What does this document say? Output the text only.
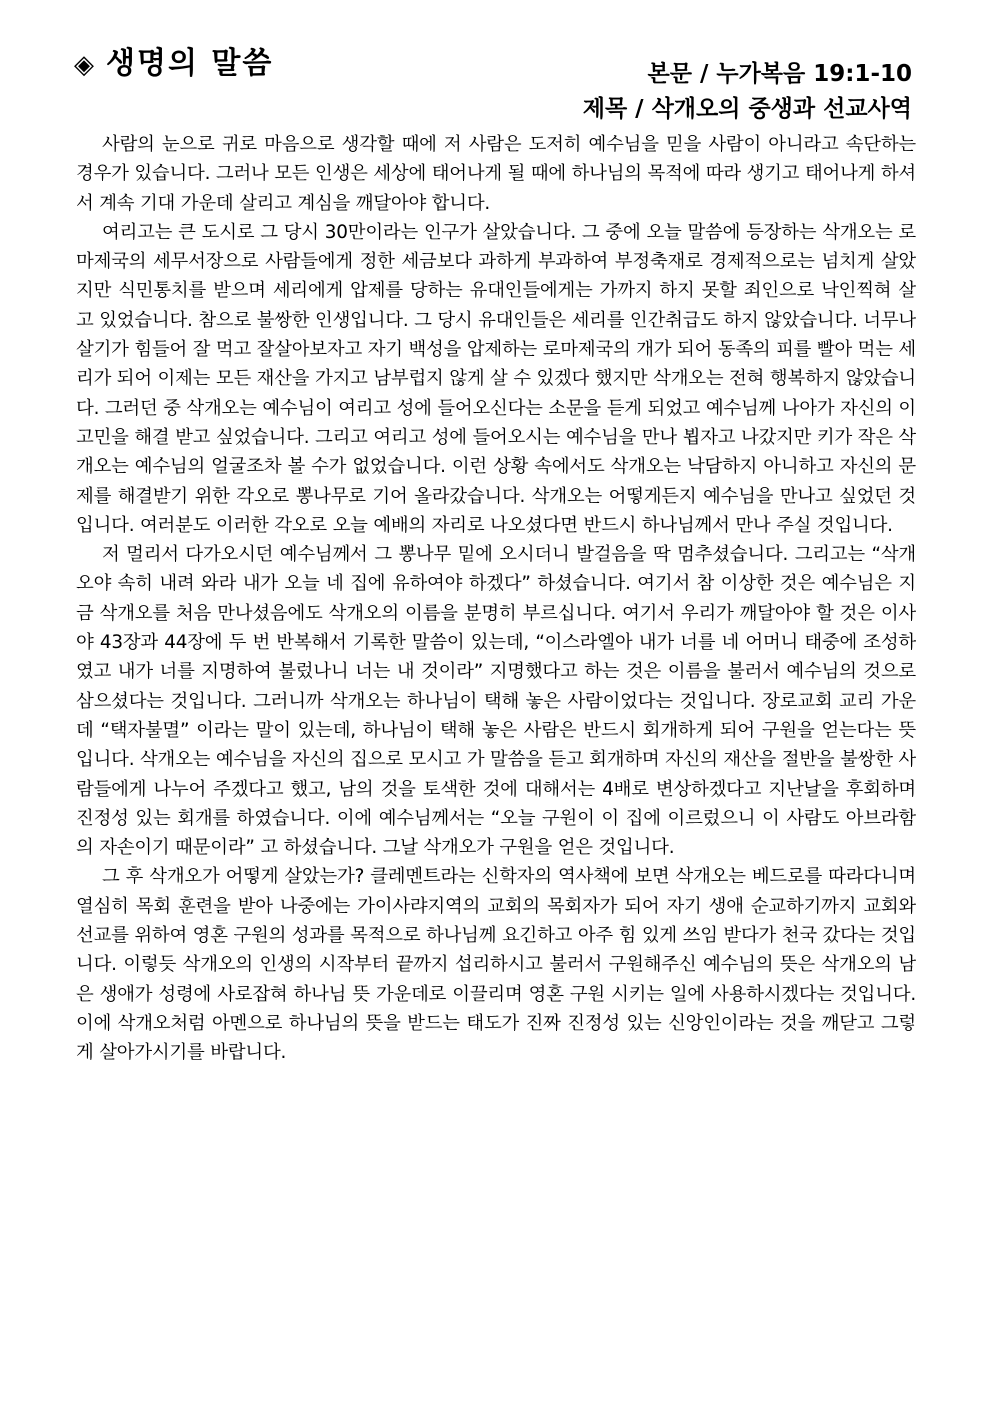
◈ 생명의 말씀	본문 / 누가복음 19:1-10
제목 / 삭개오의 중생과 선교사역

사람의 눈으로 귀로 마음으로 생각할 때에 저 사람은 도저히 예수님을 믿을 사람이 아니라고 속단하는 경우가 있습니다. 그러나 모든 인생은 세상에 태어나게 될 때에 하나님의 목적에 따라 생기고 태어나게 하셔서 계속 기대 가운데 살리고 계심을 깨달아야 합니다.

여리고는 큰 도시로 그 당시 30만이라는 인구가 살았습니다. 그 중에 오늘 말씀에 등장하는 삭개오는 로마제국의 세무서장으로 사람들에게 정한 세금보다 과하게 부과하여 부정축재로 경제적으로는 넘치게 살았지만 식민통치를 받으며 세리에게 압제를 당하는 유대인들에게는 가까지 하지 못할 죄인으로 낙인찍혀 살고 있었습니다. 참으로 불쌍한 인생입니다. 그 당시 유대인들은 세리를 인간취급도 하지 않았습니다. 너무나 살기가 힘들어 잘 먹고 잘살아보자고 자기 백성을 압제하는 로마제국의 개가 되어 동족의 피를 빨아 먹는 세리가 되어 이제는 모든 재산을 가지고 남부럽지 않게 살 수 있겠다 했지만 삭개오는 전혀 행복하지 않았습니다. 그러던 중 삭개오는 예수님이 여리고 성에 들어오신다는 소문을 듣게 되었고 예수님께 나아가 자신의 이 고민을 해결 받고 싶었습니다. 그리고 여리고 성에 들어오시는 예수님을 만나 뵙자고 나갔지만 키가 작은 삭개오는 예수님의 얼굴조차 볼 수가 없었습니다. 이런 상황 속에서도 삭개오는 낙담하지 아니하고 자신의 문제를 해결받기 위한 각오로 뽕나무로 기어 올라갔습니다. 삭개오는 어떻게든지 예수님을 만나고 싶었던 것입니다. 여러분도 이러한 각오로 오늘 예배의 자리로 나오셨다면 반드시 하나님께서 만나 주실 것입니다.

저 멀리서 다가오시던 예수님께서 그 뽕나무 밑에 오시더니 발걸음을 딱 멈추셨습니다. 그리고는 “삭개오야 속히 내려 와라 내가 오늘 네 집에 유하여야 하겠다” 하셨습니다. 여기서 참 이상한 것은 예수님은 지금 삭개오를 처음 만나셨음에도 삭개오의 이름을 분명히 부르십니다. 여기서 우리가 깨달아야 할 것은 이사야 43장과 44장에 두 번 반복해서 기록한 말씀이 있는데, “이스라엘아 내가 너를 네 어머니 태중에 조성하였고 내가 너를 지명하여 불렀나니 너는 내 것이라” 지명했다고 하는 것은 이름을 불러서 예수님의 것으로 삼으셨다는 것입니다. 그러니까 삭개오는 하나님이 택해 놓은 사람이었다는 것입니다. 장로교회 교리 가운데 “택자불멸” 이라는 말이 있는데, 하나님이 택해 놓은 사람은 반드시 회개하게 되어 구원을 얻는다는 뜻입니다. 삭개오는 예수님을 자신의 집으로 모시고 가 말씀을 듣고 회개하며 자신의 재산을 절반을 불쌍한 사람들에게 나누어 주겠다고 했고, 남의 것을 토색한 것에 대해서는 4배로 변상하겠다고 지난날을 후회하며 진정성 있는 회개를 하였습니다. 이에 예수님께서는 “오늘 구원이 이 집에 이르렀으니 이 사람도 아브라함의 자손이기 때문이라” 고 하셨습니다. 그날 삭개오가 구원을 얻은 것입니다.

그 후 삭개오가 어떻게 살았는가? 클레멘트라는 신학자의 역사책에 보면 삭개오는 베드로를 따라다니며 열심히 목회 훈련을 받아 나중에는 가이사랴지역의 교회의 목회자가 되어 자기 생애 순교하기까지 교회와 선교를 위하여 영혼 구원의 성과를 목적으로 하나님께 요긴하고 아주 힘 있게 쓰임 받다가 천국 갔다는 것입니다. 이렇듯 삭개오의 인생의 시작부터 끝까지 섭리하시고 불러서 구원해주신 예수님의 뜻은 삭개오의 남은 생애가 성령에 사로잡혀 하나님 뜻 가운데로 이끌리며 영혼 구원 시키는 일에 사용하시겠다는 것입니다. 이에 삭개오처럼 아멘으로 하나님의 뜻을 받드는 태도가 진짜 진정성 있는 신앙인이라는 것을 깨닫고 그렇게 살아가시기를 바랍니다.
